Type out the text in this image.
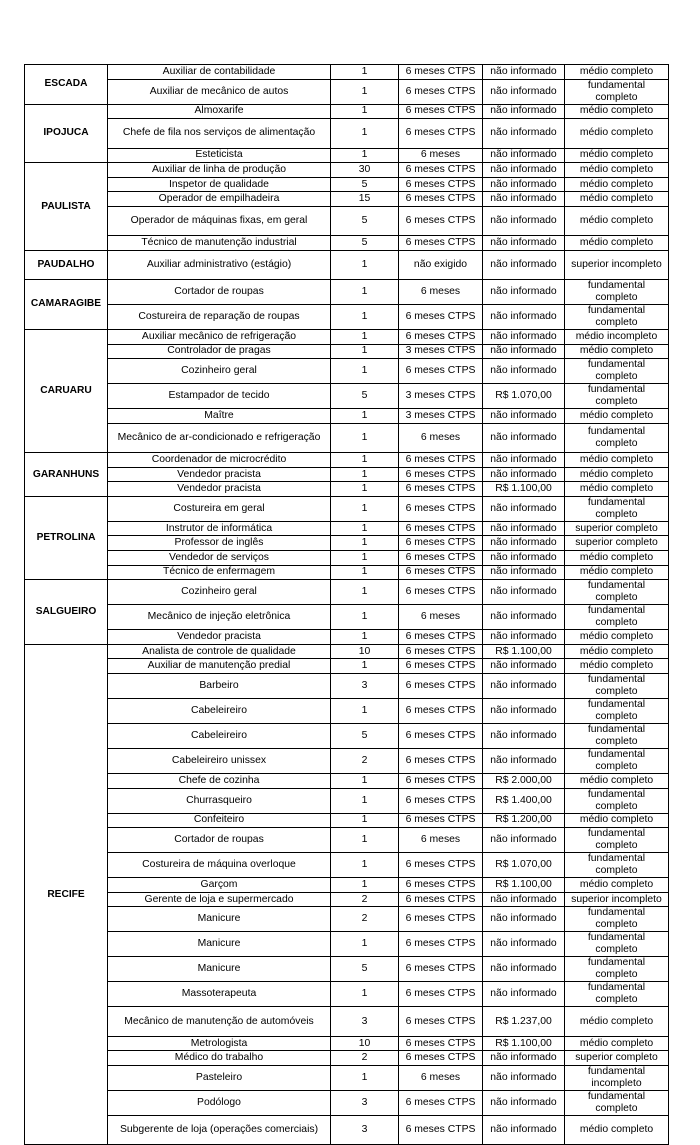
ESCADA	Auxiliar de contabilidade	1	6 meses CTPS	não informado	médio completo
	Auxiliar de mecânico de autos	1	6 meses CTPS	não informado	fundamental completo
IPOJUCA	Almoxarife	1	6 meses CTPS	não informado	médio completo
	Chefe de fila nos serviços de alimentação	1	6 meses CTPS	não informado	médio completo
	Esteticista	1	6 meses	não informado	médio completo
PAULISTA	Auxiliar de linha de produção	30	6 meses CTPS	não informado	médio completo
	Inspetor de qualidade	5	6 meses CTPS	não informado	médio completo
	Operador de empilhadeira	15	6 meses CTPS	não informado	médio completo
	Operador de máquinas fixas, em geral	5	6 meses CTPS	não informado	médio completo
	Técnico de manutenção industrial	5	6 meses CTPS	não informado	médio completo
PAUDALHO	Auxiliar administrativo (estágio)	1	não exigido	não informado	superior incompleto
CAMARAGIBE	Cortador de roupas	1	6 meses	não informado	fundamental completo
	Costureira de reparação de roupas	1	6 meses CTPS	não informado	fundamental completo
CARUARU	Auxiliar mecânico de refrigeração	1	6 meses CTPS	não informado	médio incompleto
	Controlador de pragas	1	3 meses CTPS	não informado	médio completo
	Cozinheiro geral	1	6 meses CTPS	não informado	fundamental completo
	Estampador de tecido	5	3 meses CTPS	R$ 1.070,00	fundamental completo
	Maître	1	3 meses CTPS	não informado	médio completo
	Mecânico de ar-condicionado e refrigeração	1	6 meses	não informado	fundamental completo
GARANHUNS	Coordenador de microcrédito	1	6 meses CTPS	não informado	médio completo
	Vendedor pracista	1	6 meses CTPS	não informado	médio completo
	Vendedor pracista	1	6 meses CTPS	R$ 1.100,00	médio completo
PETROLINA	Costureira em geral	1	6 meses CTPS	não informado	fundamental completo
	Instrutor de informática	1	6 meses CTPS	não informado	superior completo
	Professor de inglês	1	6 meses CTPS	não informado	superior completo
	Vendedor de serviços	1	6 meses CTPS	não informado	médio completo
	Técnico de enfermagem	1	6 meses CTPS	não informado	médio completo
SALGUEIRO	Cozinheiro geral	1	6 meses CTPS	não informado	fundamental completo
	Mecânico de injeção eletrônica	1	6 meses	não informado	fundamental completo
	Vendedor pracista	1	6 meses CTPS	não informado	médio completo
RECIFE	Analista de controle de qualidade	10	6 meses CTPS	R$ 1.100,00	médio completo
	Auxiliar de manutenção predial	1	6 meses CTPS	não informado	médio completo
	Barbeiro	3	6 meses CTPS	não informado	fundamental completo
	Cabeleireiro	1	6 meses CTPS	não informado	fundamental completo
	Cabeleireiro	5	6 meses CTPS	não informado	fundamental completo
	Cabeleireiro unissex	2	6 meses CTPS	não informado	fundamental completo
	Chefe de cozinha	1	6 meses CTPS	R$ 2.000,00	médio completo
	Churrasqueiro	1	6 meses CTPS	R$ 1.400,00	fundamental completo
	Confeiteiro	1	6 meses CTPS	R$ 1.200,00	médio completo
	Cortador de roupas	1	6 meses	não informado	fundamental completo
	Costureira de máquina overloque	1	6 meses CTPS	R$ 1.070,00	fundamental completo
	Garçom	1	6 meses CTPS	R$ 1.100,00	médio completo
	Gerente de loja e supermercado	2	6 meses CTPS	não informado	superior incompleto
	Manicure	2	6 meses CTPS	não informado	fundamental completo
	Manicure	1	6 meses CTPS	não informado	fundamental completo
	Manicure	5	6 meses CTPS	não informado	fundamental completo
	Massoterapeuta	1	6 meses CTPS	não informado	fundamental completo
	Mecânico de manutenção de automóveis	3	6 meses CTPS	R$ 1.237,00	médio completo
	Metrologista	10	6 meses CTPS	R$ 1.100,00	médio completo
	Médico do trabalho	2	6 meses CTPS	não informado	superior completo
	Pasteleiro	1	6 meses	não informado	fundamental incompleto
	Podólogo	3	6 meses CTPS	não informado	fundamental completo
	Subgerente de loja (operações comerciais)	3	6 meses CTPS	não informado	médio completo
